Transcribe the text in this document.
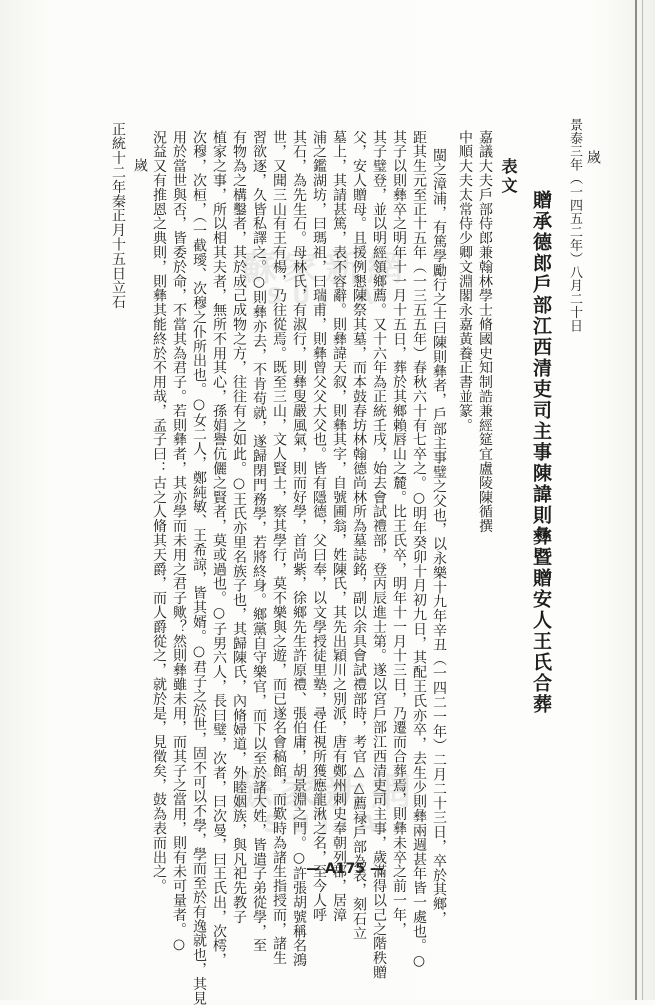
蘇家新網
SUJIA
蘇家新網
SUJIA
嵗
景泰三年（一四五二年）八月二十日
贈承德郎戶部江西清吏司主事陳諱則彝暨贈安人王氏合葬
表文
嘉議大夫戶部侍郎兼翰林學士脩國史知制誥兼經筵宜盧陵陳循撰
中順大夫太常侍少卿文淵閣永嘉黃養正書並篆。
閩之漳浦，有篤學勵行之士曰陳則彝者，戶部主事璧之父也，以永樂十九年辛丑（一四二一年）二月二十三日，卒於其鄉，
距其生元至正十五年（一三五五年）春秋六十有七卒之。○明年癸卯十月初九日，其配王氏亦卒，去生少則彝兩週甚年皆一處也。○
其子以則彝卒之明年十一月十五日，葬於其鄉賴唇山之麓。比王氏卒，明年十一月十三日，乃遷而合葬焉，則彝未卒之前一年，
其子璧登，並以明經領鄉薦。又十六年為正統壬戌，始去會試禮部，登丙辰進士第。遂以宮戶部江西清吏司主事，歲滿得以己之階秩贈
父，安人贈母。且援例懇陳祭其墓，而本鼓春坊林翰德尚林所為墓誌銘，副以余具會試禮部時，考官△△薦禄戶部為表，刻石立
墓上，其請甚篤，表不容辭。則彝諱天叙，則彝其字，自號圃翁，姓陳氏，其先出穎川之別派，唐有鄭州刺史奉朝列郡，居漳
浦之鑑湖坊，曰瑪祖，曰瑞甫，則彝曾父父大父也。皆有隱德，父曰奉，以文學授徒里塾，尋任視所獲應龍湫之名，至今人呼
其石，為先生石。母林氏，有淑行，則彝叟嚴風氣，則而好學，首尚紫，徐鄉先生許原禮、張伯庸，胡景淵之門。○許張胡號稱名鴻
世，又聞三山有王有楊，乃往從焉。既至三山，文人賢士，察其學行，莫不樂與之遊，而已遂名會稿館，而歎時為諸生指授而，諸生
習欲逐，久皆私譯之。○則彝亦去，不肯苟就，遂歸閉門務學，若將終身。鄉黨自守樂官，而下以至於諸大姓，皆遣子弟從學，至
有物為之構鑿者，其於成己成物之方，往往有之如此。○王氏亦里名族子也，其歸陳氏，內脩婦道，外睦姻族，與凡祀先教子
植家之事，所以相其夫者，無所不用其心，孫娟譽伉儷之賢者，莫或過也。○子男六人，長曰璧，次者，曰次曼，曰王氏出，次樗，
次穆，次桓，（一截璦、次穆之仆所出也。○女二人，鄭純敏、王希諒，皆其婿。○君子之於世，固不可以不學，學而至於有逸就也，其見
用於當世與否，皆委於命，不當其為君子。若則彝者，其亦學而未用之君子歟？然則彝雖未用，而其子之當用，則有未可量者。○
況益又有推恩之典則，則彝其能終於不用哉，孟子曰：古之人脩其天爵，而人爵從之，就於是，見徵矣，鼓為表而出之。
嵗
正統十二年秦正月十五日立石
— A175 —
